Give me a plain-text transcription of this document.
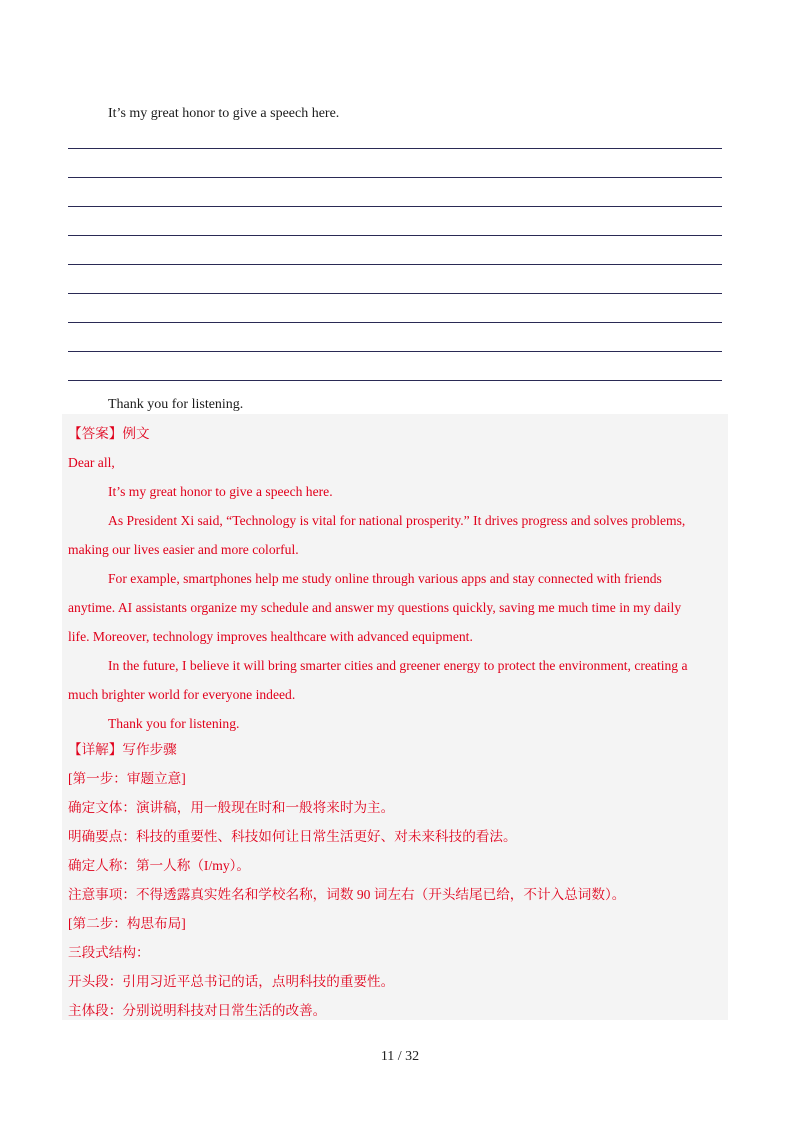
It’s my great honor to give a speech here.
Thank you for listening.
【答案】例文
Dear all,
It’s my great honor to give a speech here.
As President Xi said, “Technology is vital for national prosperity.” It drives progress and solves problems,
making our lives easier and more colorful.
For example, smartphones help me study online through various apps and stay connected with friends
anytime. AI assistants organize my schedule and answer my questions quickly, saving me much time in my daily
life. Moreover, technology improves healthcare with advanced equipment.
In the future, I believe it will bring smarter cities and greener energy to protect the environment, creating a
much brighter world for everyone indeed.
Thank you for listening.
【详解】写作步骤
[第一步：审题立意]
确定文体：演讲稿，用一般现在时和一般将来时为主。
明确要点：科技的重要性、科技如何让日常生活更好、对未来科技的看法。
确定人称：第一人称（I/my）。
注意事项：不得透露真实姓名和学校名称，词数 90 词左右（开头结尾已给，不计入总词数）。
[第二步：构思布局]
三段式结构：
开头段：引用习近平总书记的话，点明科技的重要性。
主体段：分别说明科技对日常生活的改善。
11 / 32
